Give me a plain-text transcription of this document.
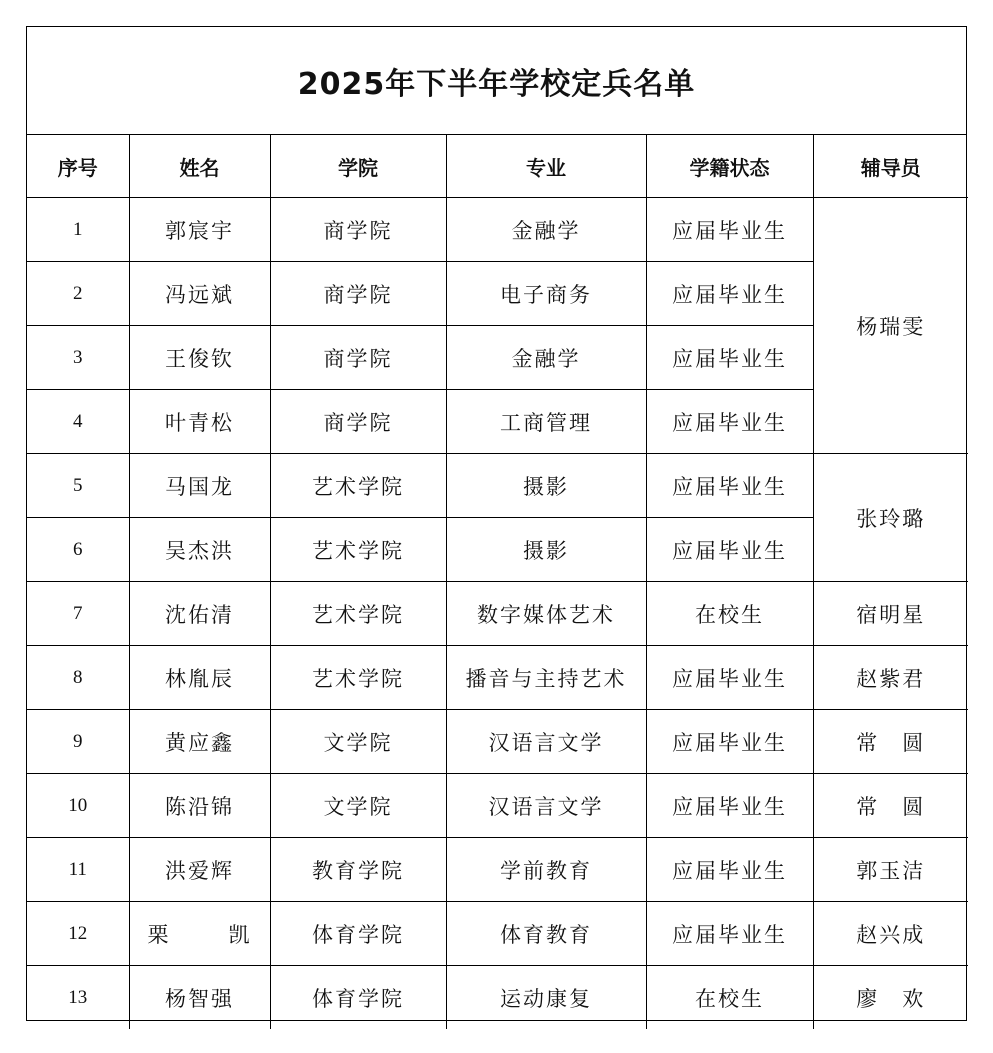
2025年下半年学校定兵名单
序号	姓名	学院	专业	学籍状态	辅导员
1	郭宸宇	商学院	金融学	应届毕业生	杨瑞雯
2	冯远斌	商学院	电子商务	应届毕业生	
3	王俊钦	商学院	金融学	应届毕业生	
4	叶青松	商学院	工商管理	应届毕业生	
5	马国龙	艺术学院	摄影	应届毕业生	张玲璐
6	吴杰洪	艺术学院	摄影	应届毕业生	
7	沈佑清	艺术学院	数字媒体艺术	在校生	宿明星
8	林胤辰	艺术学院	播音与主持艺术	应届毕业生	赵紫君
9	黄应鑫	文学院	汉语言文学	应届毕业生	常　圆
10	陈沿锦	文学院	汉语言文学	应届毕业生	常　圆
11	洪爱辉	教育学院	学前教育	应届毕业生	郭玉洁
12	栗 凯	体育学院	体育教育	应届毕业生	赵兴成
13	杨智强	体育学院	运动康复	在校生	廖　欢
